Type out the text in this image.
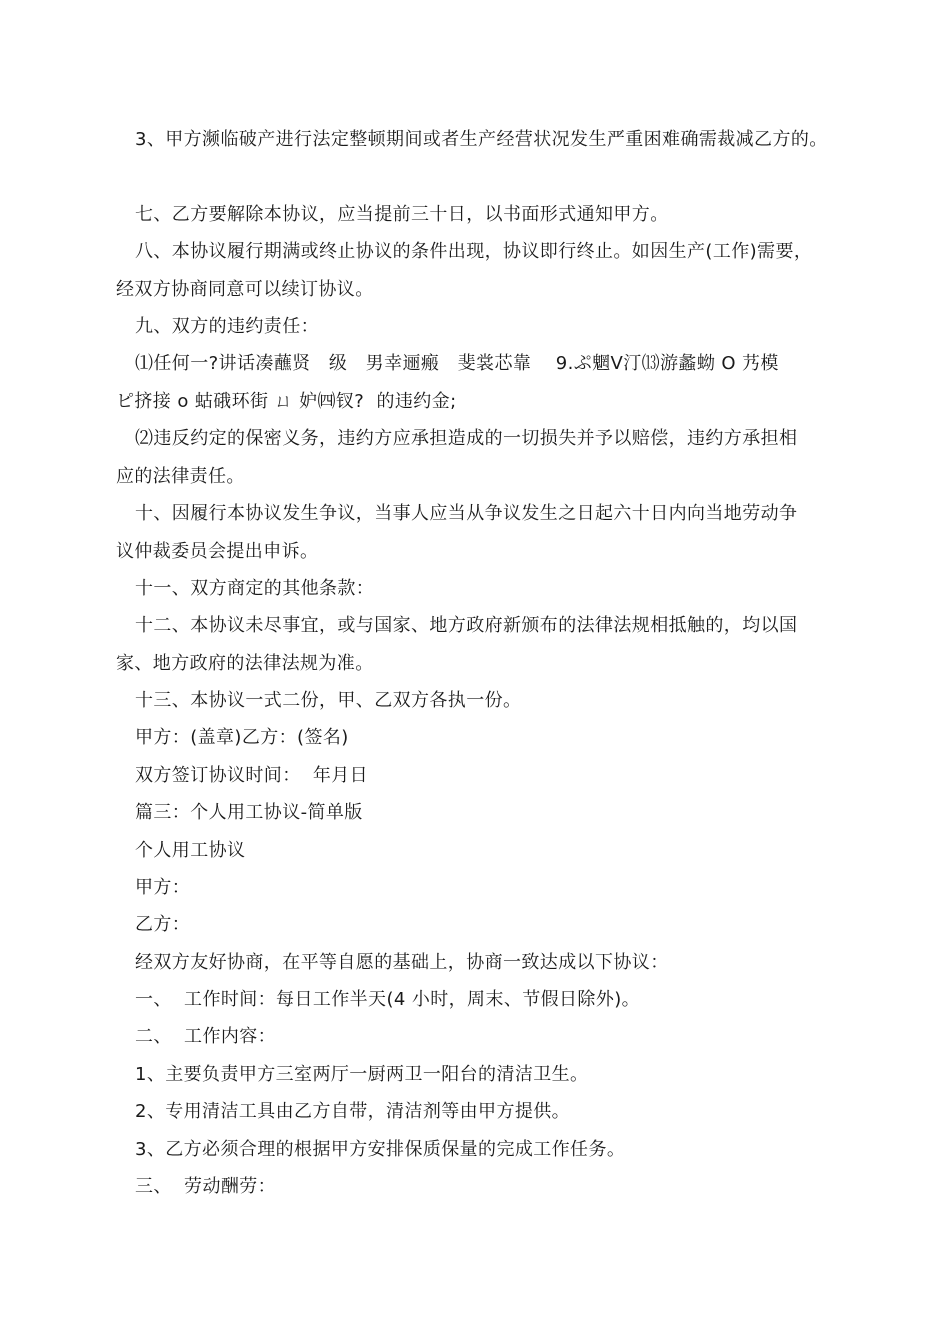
3、甲方濒临破产进行法定整顿期间或者生产经营状况发生严重困难确需裁减乙方的。
七、乙方要解除本协议，应当提前三十日，以书面形式通知甲方。
八、本协议履行期满或终止协议的条件出现，协议即行终止。如因生产(工作)需要，
经双方协商同意可以续订协议。
九、双方的违约责任：
⑴任何一?讲话凑蘸贤   级   男幸逦瘢   斐裳芯靠    9.ぷ魍Ⅴ汀⒀游蠡蚴 O 艿模
ピ挤接 ο 蛄硪环街 ㄩ 妒㈣钗?  的违约金;
⑵违反约定的保密义务，违约方应承担造成的一切损失并予以赔偿，违约方承担相
应的法律责任。
十、因履行本协议发生争议，当事人应当从争议发生之日起六十日内向当地劳动争
议仲裁委员会提出申诉。
十一、双方商定的其他条款：
十二、本协议未尽事宜，或与国家、地方政府新颁布的法律法规相抵触的，均以国
家、地方政府的法律法规为准。
十三、本协议一式二份，甲、乙双方各执一份。
甲方：(盖章)乙方：(签名)
双方签订协议时间：  年月日
篇三：个人用工协议-简单版
个人用工协议
甲方：
乙方：
经双方友好协商，在平等自愿的基础上，协商一致达成以下协议：
一、  工作时间：每日工作半天(4 小时，周末、节假日除外)。
二、  工作内容：
1、主要负责甲方三室两厅一厨两卫一阳台的清洁卫生。
2、专用清洁工具由乙方自带，清洁剂等由甲方提供。
3、乙方必须合理的根据甲方安排保质保量的完成工作任务。
三、  劳动酬劳：
